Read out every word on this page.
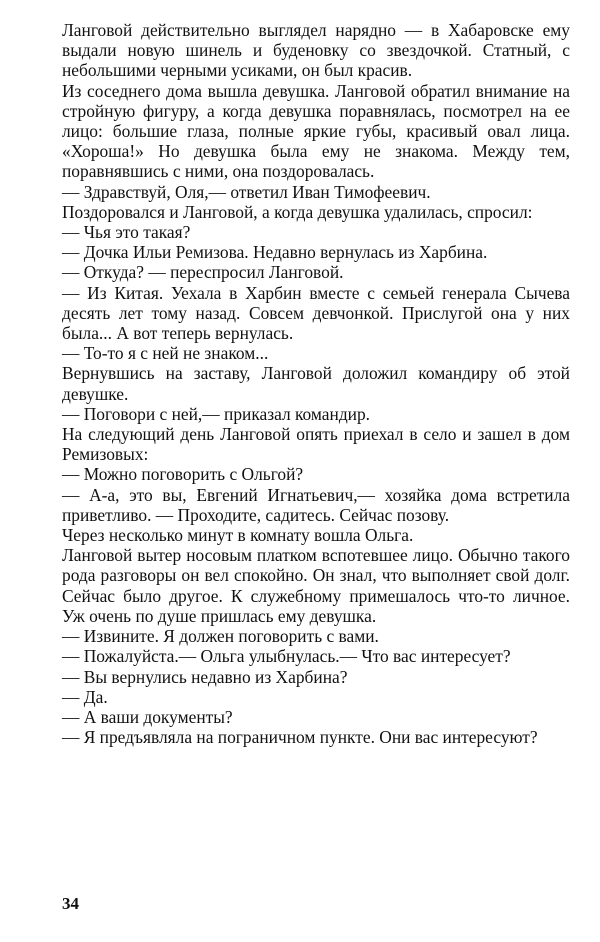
Ланговой действительно выглядел нарядно — в Хабаровске ему выдали новую шинель и буденовку со звездочкой. Статный, с небольшими черными усиками, он был красив.

Из соседнего дома вышла девушка. Ланговой обратил внимание на стройную фигуру, а когда девушка поравнялась, посмотрел на ее лицо: большие глаза, полные яркие губы, красивый овал лица. «Хороша!» Но девушка была ему не знакома. Между тем, поравнявшись с ними, она поздоровалась.

— Здравствуй, Оля,— ответил Иван Тимофеевич.

Поздоровался и Ланговой, а когда девушка удалилась, спросил:

— Чья это такая?

— Дочка Ильи Ремизова. Недавно вернулась из Харбина.

— Откуда? — переспросил Ланговой.

— Из Китая. Уехала в Харбин вместе с семьей генерала Сычева десять лет тому назад. Совсем девчонкой. Прислугой она у них была... А вот теперь вернулась.

— То-то я с ней не знаком...

Вернувшись на заставу, Ланговой доложил командиру об этой девушке.

— Поговори с ней,— приказал командир.

На следующий день Ланговой опять приехал в село и зашел в дом Ремизовых:

— Можно поговорить с Ольгой?

— А-а, это вы, Евгений Игнатьевич,— хозяйка дома встретила приветливо. — Проходите, садитесь. Сейчас позову.

Через несколько минут в комнату вошла Ольга.

Ланговой вытер носовым платком вспотевшее лицо. Обычно такого рода разговоры он вел спокойно. Он знал, что выполняет свой долг. Сейчас было другое. К служебному примешалось что-то личное. Уж очень по душе пришлась ему девушка.

— Извините. Я должен поговорить с вами.

— Пожалуйста.— Ольга улыбнулась.— Что вас интересует?

— Вы вернулись недавно из Харбина?

— Да.

— А ваши документы?

— Я предъявляла на пограничном пункте. Они вас интересуют?

34
